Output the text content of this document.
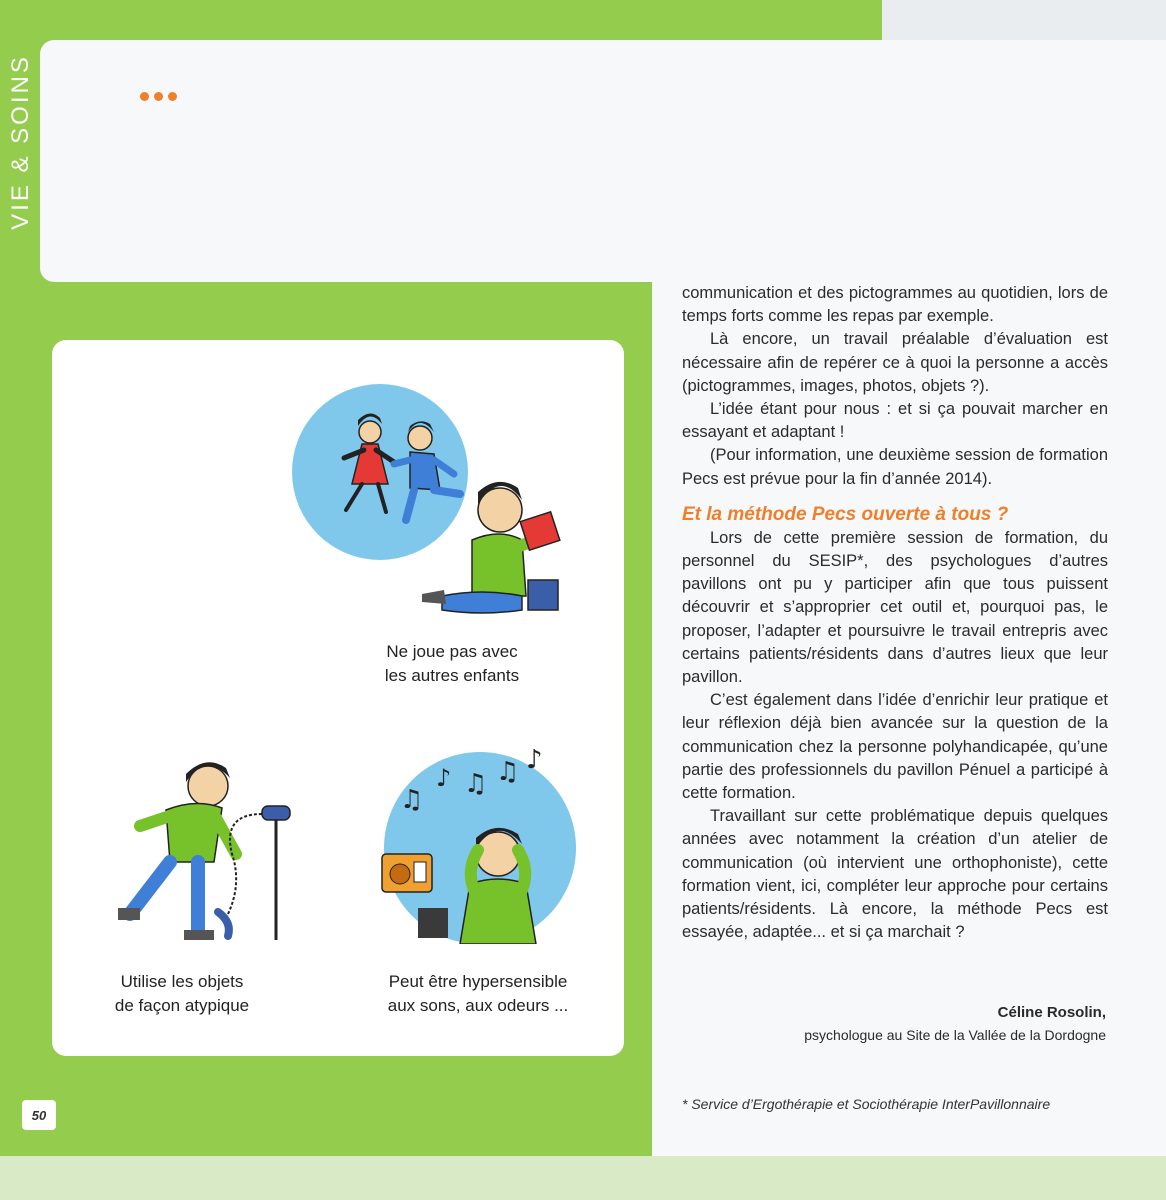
VIE & SOINS
Ne joue pas avec
les autres enfants
Utilise les objets
de façon atypique
♫
♪ ♫ ♫ ♪
Peut être hypersensible
aux sons, aux odeurs ...

communication et des pictogrammes au quotidien, lors de temps forts comme les repas par exemple.

Là encore, un travail préalable d’évaluation est nécessaire afin de repérer ce à quoi la personne a accès (pictogrammes, images, photos, objets ?).

L’idée étant pour nous : et si ça pouvait marcher en essayant et adaptant !

(Pour information, une deuxième session de formation Pecs est prévue pour la fin d’année 2014).

Et la méthode Pecs ouverte à tous ?

Lors de cette première session de formation, du personnel du SESIP*, des psychologues d’autres pavillons ont pu y participer afin que tous puissent découvrir et s’approprier cet outil et, pourquoi pas, le proposer, l’adapter et poursuivre le travail entrepris avec certains patients/résidents dans d’autres lieux que leur pavillon.

C’est également dans l’idée d’enrichir leur pratique et leur réflexion déjà bien avancée sur la question de la communication chez la personne polyhandicapée, qu’une partie des professionnels du pavillon Pénuel a participé à cette formation.

Travaillant sur cette problématique depuis quelques années avec notamment la création d’un atelier de communication (où intervient une orthophoniste), cette formation vient, ici, compléter leur approche pour certains patients/résidents. Là encore, la méthode Pecs est essayée, adaptée... et si ça marchait ?

Céline Rosolin,
psychologue au Site de la Vallée de la Dordogne
* Service d’Ergothérapie et Sociothérapie InterPavillonnaire
50
